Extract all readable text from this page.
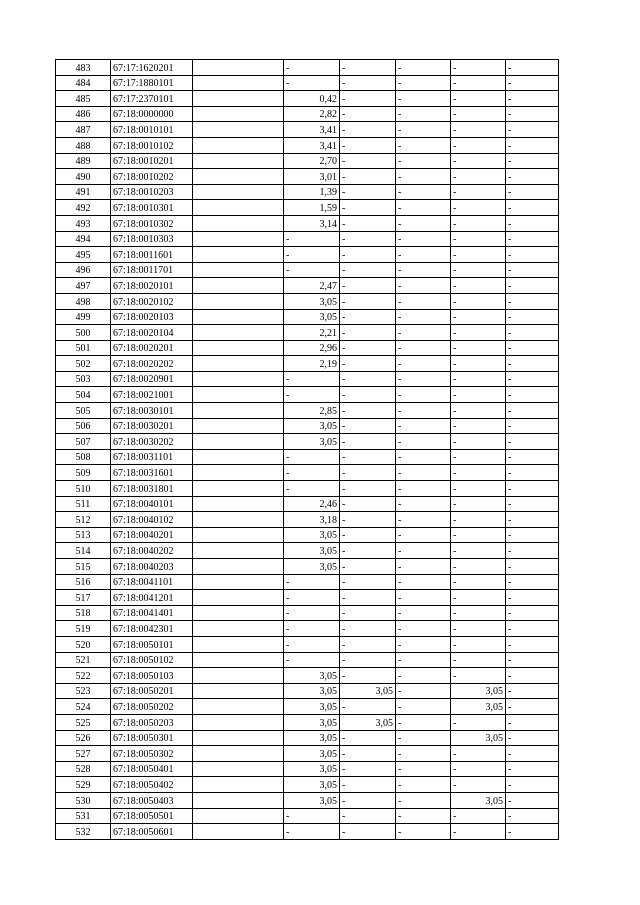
483	67:17:1620201		-	-	-	-	-
484	67:17:1880101		-	-	-	-	-
485	67:17:2370101		0,42	-	-	-	-
486	67:18:0000000		2,82	-	-	-	-
487	67:18:0010101		3,41	-	-	-	-
488	67:18:0010102		3,41	-	-	-	-
489	67:18:0010201		2,70	-	-	-	-
490	67:18:0010202		3,01	-	-	-	-
491	67:18:0010203		1,39	-	-	-	-
492	67:18:0010301		1,59	-	-	-	-
493	67:18:0010302		3,14	-	-	-	-
494	67:18:0010303		-	-	-	-	-
495	67:18:0011601		-	-	-	-	-
496	67:18:0011701		-	-	-	-	-
497	67:18:0020101		2,47	-	-	-	-
498	67:18:0020102		3,05	-	-	-	-
499	67:18:0020103		3,05	-	-	-	-
500	67:18:0020104		2,21	-	-	-	-
501	67:18:0020201		2,96	-	-	-	-
502	67:18:0020202		2,19	-	-	-	-
503	67:18:0020901		-	-	-	-	-
504	67:18:0021001		-	-	-	-	-
505	67:18:0030101		2,85	-	-	-	-
506	67:18:0030201		3,05	-	-	-	-
507	67:18:0030202		3,05	-	-	-	-
508	67:18:0031101		-	-	-	-	-
509	67:18:0031601		-	-	-	-	-
510	67:18:0031801		-	-	-	-	-
511	67:18:0040101		2,46	-	-	-	-
512	67:18:0040102		3,18	-	-	-	-
513	67:18:0040201		3,05	-	-	-	-
514	67:18:0040202		3,05	-	-	-	-
515	67:18:0040203		3,05	-	-	-	-
516	67:18:0041101		-	-	-	-	-
517	67:18:0041201		-	-	-	-	-
518	67:18:0041401		-	-	-	-	-
519	67:18:0042301		-	-	-	-	-
520	67:18:0050101		-	-	-	-	-
521	67:18:0050102		-	-	-	-	-
522	67:18:0050103		3,05	-	-	-	-
523	67:18:0050201		3,05	3,05	-	3,05	-
524	67:18:0050202		3,05	-	-	3,05	-
525	67:18:0050203		3,05	3,05	-	-	-
526	67:18:0050301		3,05	-	-	3,05	-
527	67:18:0050302		3,05	-	-	-	-
528	67:18:0050401		3,05	-	-	-	-
529	67:18:0050402		3,05	-	-	-	-
530	67:18:0050403		3,05	-	-	3,05	-
531	67:18:0050501		-	-	-	-	-
532	67:18:0050601		-	-	-	-	-
